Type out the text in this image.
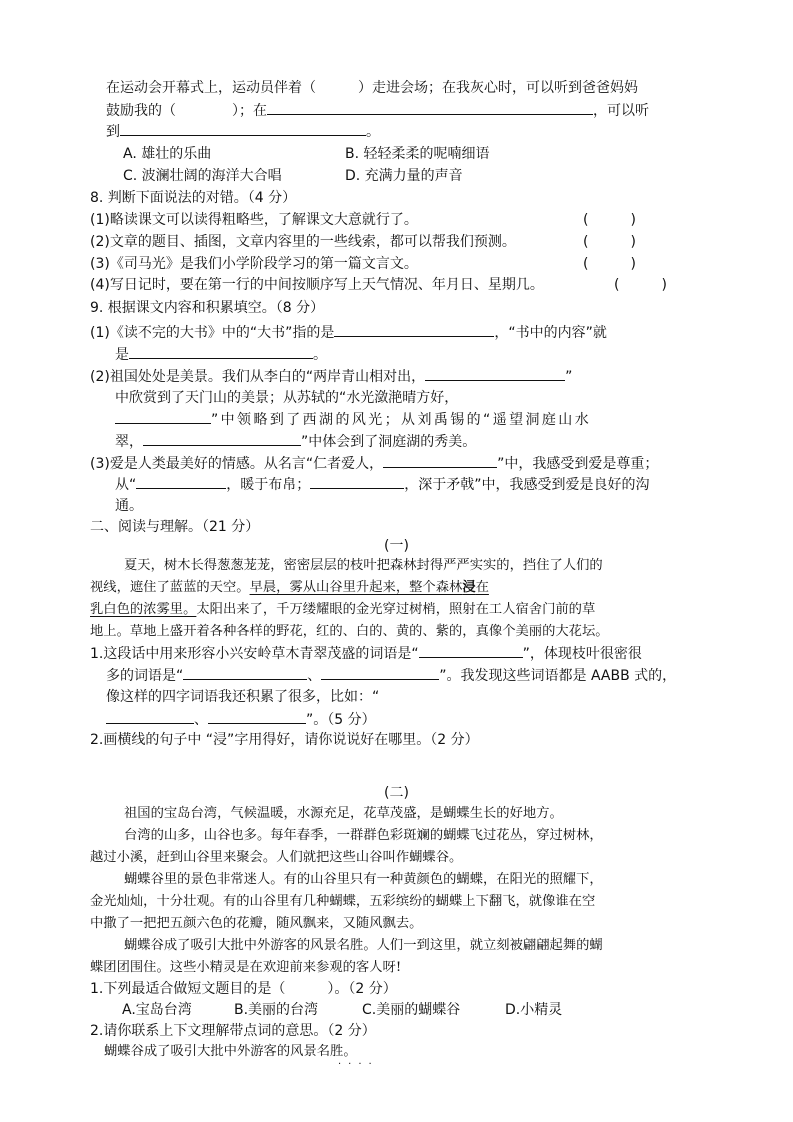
在运动会开幕式上，运动员伴着（　　　）走进会场；在我灰心时，可以听到爸爸妈妈
鼓励我的（　　　　）；在	，可以听
到	。
A. 雄壮的乐曲	B. 轻轻柔柔的呢喃细语
C. 波澜壮阔的海洋大合唱	D. 充满力量的声音
8. 判断下面说法的对错。（4 分）
(1)略读课文可以读得粗略些，了解课文大意就行了。	(　　　)
(2)文章的题目、插图，文章内容里的一些线索，都可以帮我们预测。	(　　　)
(3)《司马光》是我们小学阶段学习的第一篇文言文。	(　　　)
(4)写日记时，要在第一行的中间按顺序写上天气情况、年月日、星期几。	(　　　)
9. 根据课文内容和积累填空。（8 分）
(1)《读不完的大书》中的“大书”指的是	，“书中的内容”就
是	。
(2)祖国处处是美景。我们从李白的“两岸青山相对出，	”
中欣赏到了天门山的美景；从苏轼的“水光潋滟晴方好，
”中领略到了西湖的风光；从刘禹锡的“遥望洞庭山水
翠，	”中体会到了洞庭湖的秀美。
(3)爱是人类最美好的情感。从名言“仁者爱人，	”中，我感受到爱是尊重；
从“	，暖于布帛；	，深于矛戟”中，我感受到爱是良好的沟
通。
二、阅读与理解。（21 分）
(一)
夏天，树木长得葱葱茏茏，密密层层的枝叶把森林封得严严实实的，挡住了人们的
视线，遮住了蓝蓝的天空。早晨，雾从山谷里升起来，整个森林浸在
乳白色的浓雾里。太阳出来了，千万缕耀眼的金光穿过树梢，照射在工人宿舍门前的草
地上。草地上盛开着各种各样的野花，红的、白的、黄的、紫的，真像个美丽的大花坛。
1.这段话中用来形容小兴安岭草木青翠茂盛的词语是“	”，体现枝叶很密很
多的词语是“	、	”。我发现这些词语都是 AABB 式的，
像这样的四字词语我还积累了很多，比如：“
、	”。（5 分）
2.画横线的句子中 “浸”字用得好，请你说说好在哪里。（2 分）
(二)
祖国的宝岛台湾，气候温暖，水源充足，花草茂盛，是蝴蝶生长的好地方。
台湾的山多，山谷也多。每年春季，一群群色彩斑斓的蝴蝶飞过花丛，穿过树林，
越过小溪，赶到山谷里来聚会。人们就把这些山谷叫作蝴蝶谷。
蝴蝶谷里的景色非常迷人。有的山谷里只有一种黄颜色的蝴蝶，在阳光的照耀下，
金光灿灿，十分壮观。有的山谷里有几种蝴蝶，五彩缤纷的蝴蝶上下翻飞，就像谁在空
中撒了一把把五颜六色的花瓣，随风飘来，又随风飘去。
蝴蝶谷成了吸引大批中外游客的风景名胜。人们一到这里，就立刻被翩翩起舞的蝴
蝶团团围住。这些小精灵是在欢迎前来参观的客人呀!
1.下列最适合做短文题目的是（　　　）。（2 分）
A.宝岛台湾	B.美丽的台湾	C.美丽的蝴蝶谷	D.小精灵
2.请你联系上下文理解带点词的意思。（2 分）
蝴蝶谷成了吸引大批中外游客的风景名胜。
····
